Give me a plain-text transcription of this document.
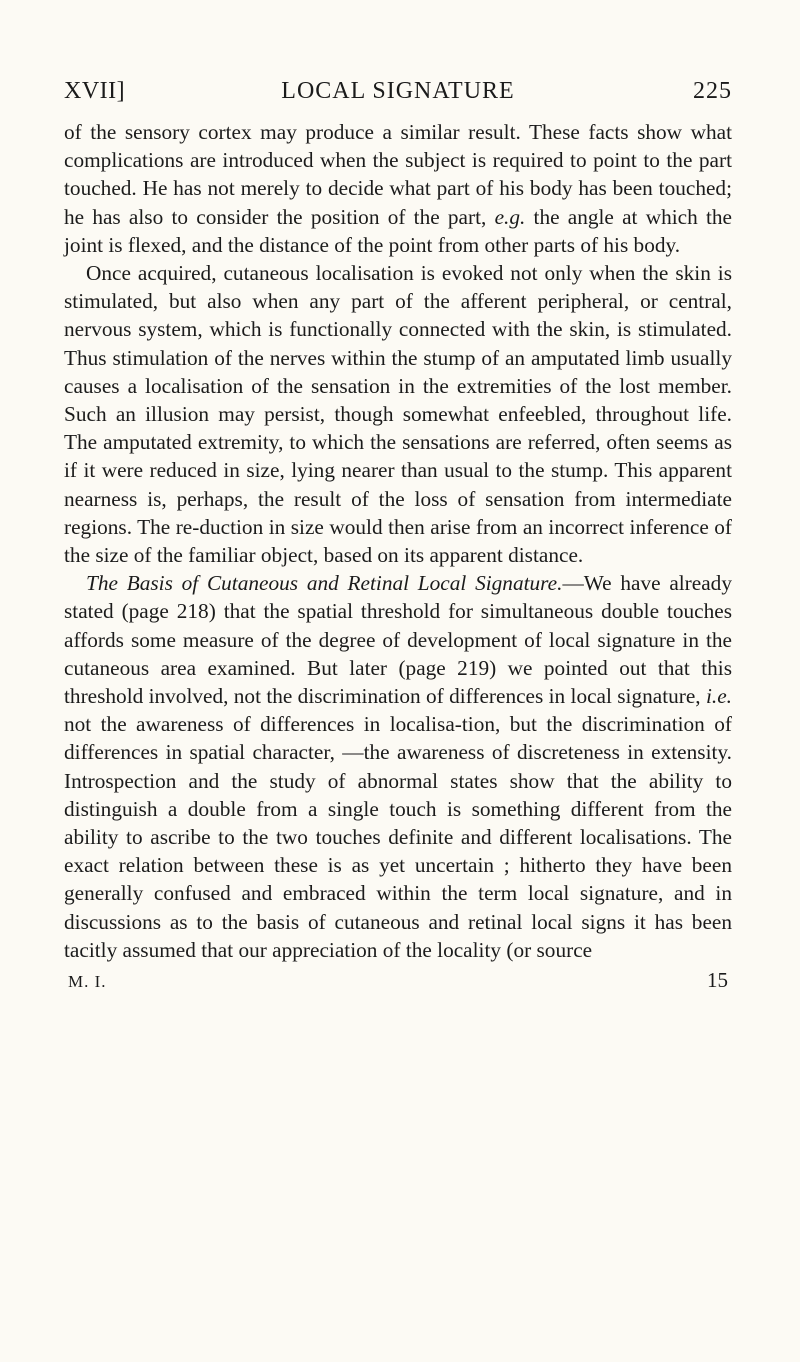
XVII]	LOCAL SIGNATURE	225

of the sensory cortex may produce a similar result. These facts show what complications are introduced when the subject is required to point to the part touched. He has not merely to decide what part of his body has been touched; he has also to consider the position of the part, e.g. the angle at which the joint is flexed, and the distance of the point from other parts of his body.

Once acquired, cutaneous localisation is evoked not only when the skin is stimulated, but also when any part of the afferent peripheral, or central, nervous system, which is functionally connected with the skin, is stimulated. Thus stimulation of the nerves within the stump of an amputated limb usually causes a localisation of the sensation in the extremities of the lost member. Such an illusion may persist, though somewhat enfeebled, throughout life. The amputated extremity, to which the sensations are referred, often seems as if it were reduced in size, lying nearer than usual to the stump. This apparent nearness is, perhaps, the result of the loss of sensation from intermediate regions. The re-duction in size would then arise from an incorrect inference of the size of the familiar object, based on its apparent distance.

The Basis of Cutaneous and Retinal Local Signature.—We have already stated (page 218) that the spatial threshold for simultaneous double touches affords some measure of the degree of development of local signature in the cutaneous area examined. But later (page 219) we pointed out that this threshold involved, not the discrimination of differences in local signature, i.e. not the awareness of differences in localisa-tion, but the discrimination of differences in spatial character, —the awareness of discreteness in extensity. Introspection and the study of abnormal states show that the ability to distinguish a double from a single touch is something different from the ability to ascribe to the two touches definite and different localisations. The exact relation between these is as yet uncertain ; hitherto they have been generally confused and embraced within the term local signature, and in discussions as to the basis of cutaneous and retinal local signs it has been tacitly assumed that our appreciation of the locality (or source

M. I.	15
